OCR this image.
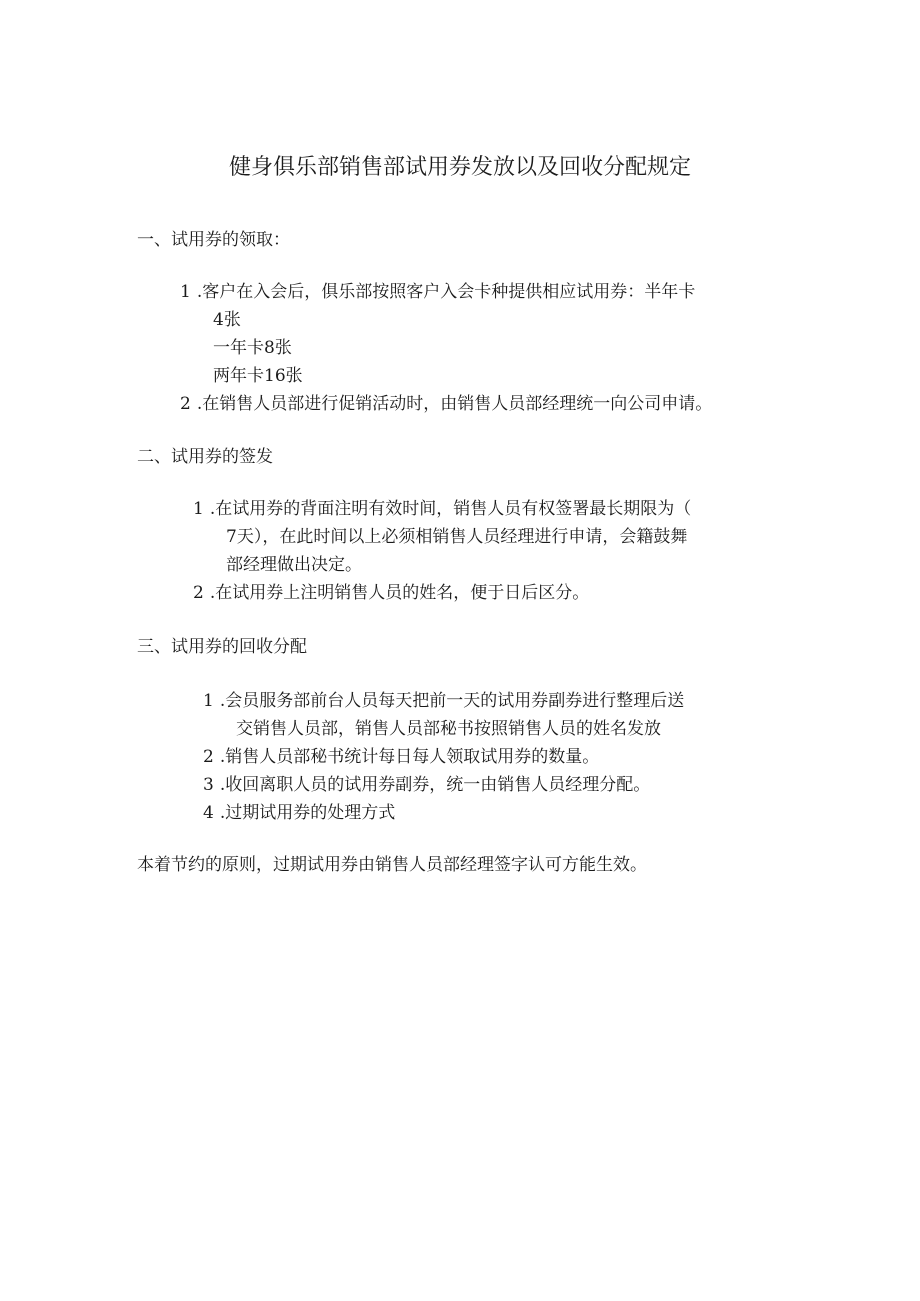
健身俱乐部销售部试用券发放以及回收分配规定
一、试用券的领取：
1 .客户在入会后，俱乐部按照客户入会卡种提供相应试用券：半年卡
4张
一年卡8张
两年卡16张
2 .在销售人员部进行促销活动时，由销售人员部经理统一向公司申请。
二、试用券的签发
1 .在试用券的背面注明有效时间，销售人员有权签署最长期限为（
7天），在此时间以上必须相销售人员经理进行申请，会籍鼓舞
部经理做出决定。
2 .在试用券上注明销售人员的姓名，便于日后区分。
三、试用券的回收分配
1 .会员服务部前台人员每天把前一天的试用券副券进行整理后送
交销售人员部，销售人员部秘书按照销售人员的姓名发放
2 .销售人员部秘书统计每日每人领取试用券的数量。
3 .收回离职人员的试用券副券，统一由销售人员经理分配。
4 .过期试用券的处理方式
本着节约的原则，过期试用券由销售人员部经理签字认可方能生效。
